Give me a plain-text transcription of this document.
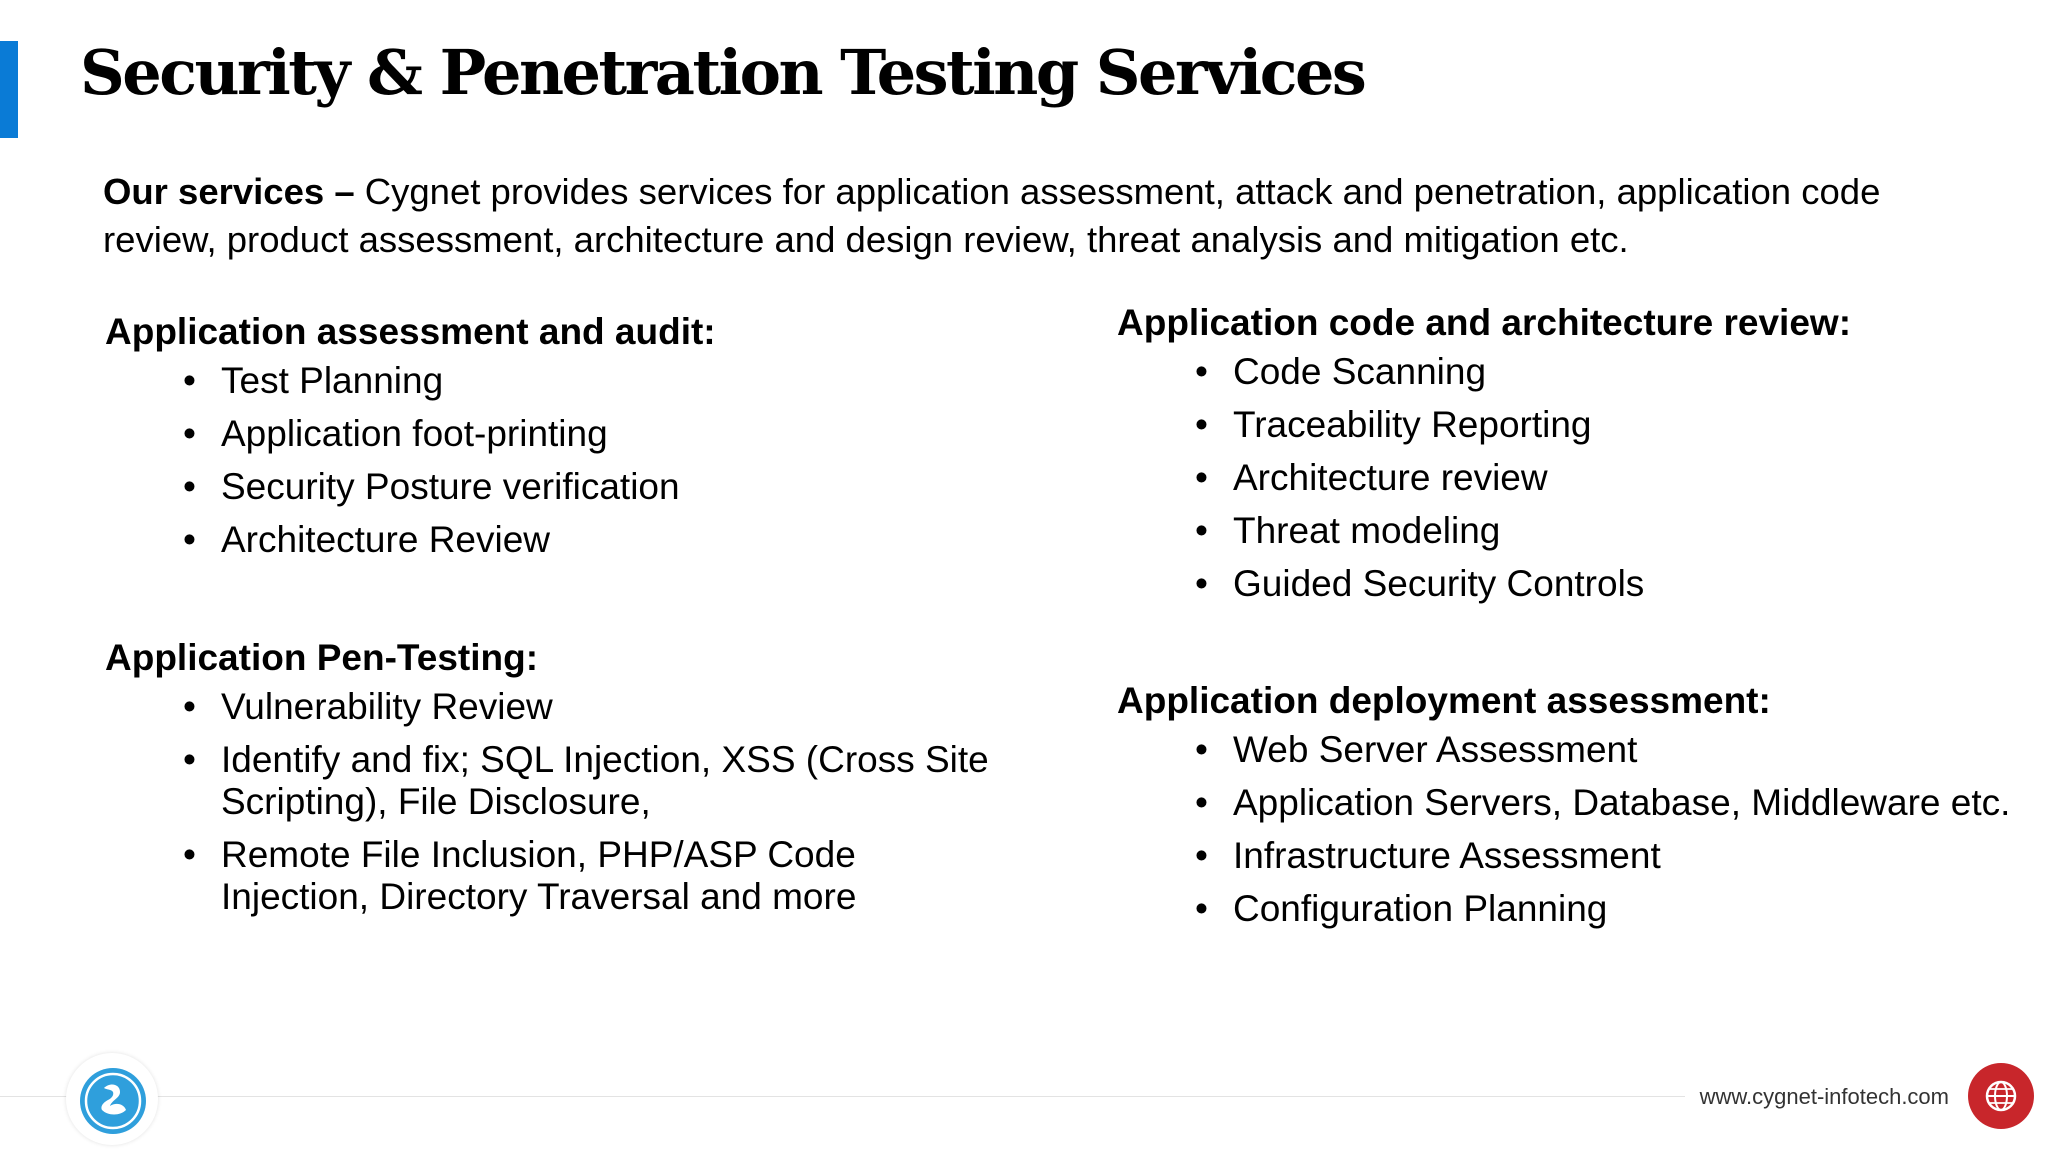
Security & Penetration Testing Services

Our services – Cygnet provides services for application assessment, attack and penetration, application code review, product assessment, architecture and design review, threat analysis and mitigation etc.

Application assessment and audit:
• Test Planning
• Application foot-printing
• Security Posture verification
• Architecture Review
Application Pen-Testing:
• Vulnerability Review
• Identify and fix; SQL Injection, XSS (Cross Site
Scripting), File Disclosure,
• Remote File Inclusion, PHP/ASP Code
Injection, Directory Traversal and more
Application code and architecture review:
• Code Scanning
• Traceability Reporting
• Architecture review
• Threat modeling
• Guided Security Controls
Application deployment assessment:
• Web Server Assessment
• Application Servers, Database, Middleware etc.
• Infrastructure Assessment
• Configuration Planning
www.cygnet-infotech.com
